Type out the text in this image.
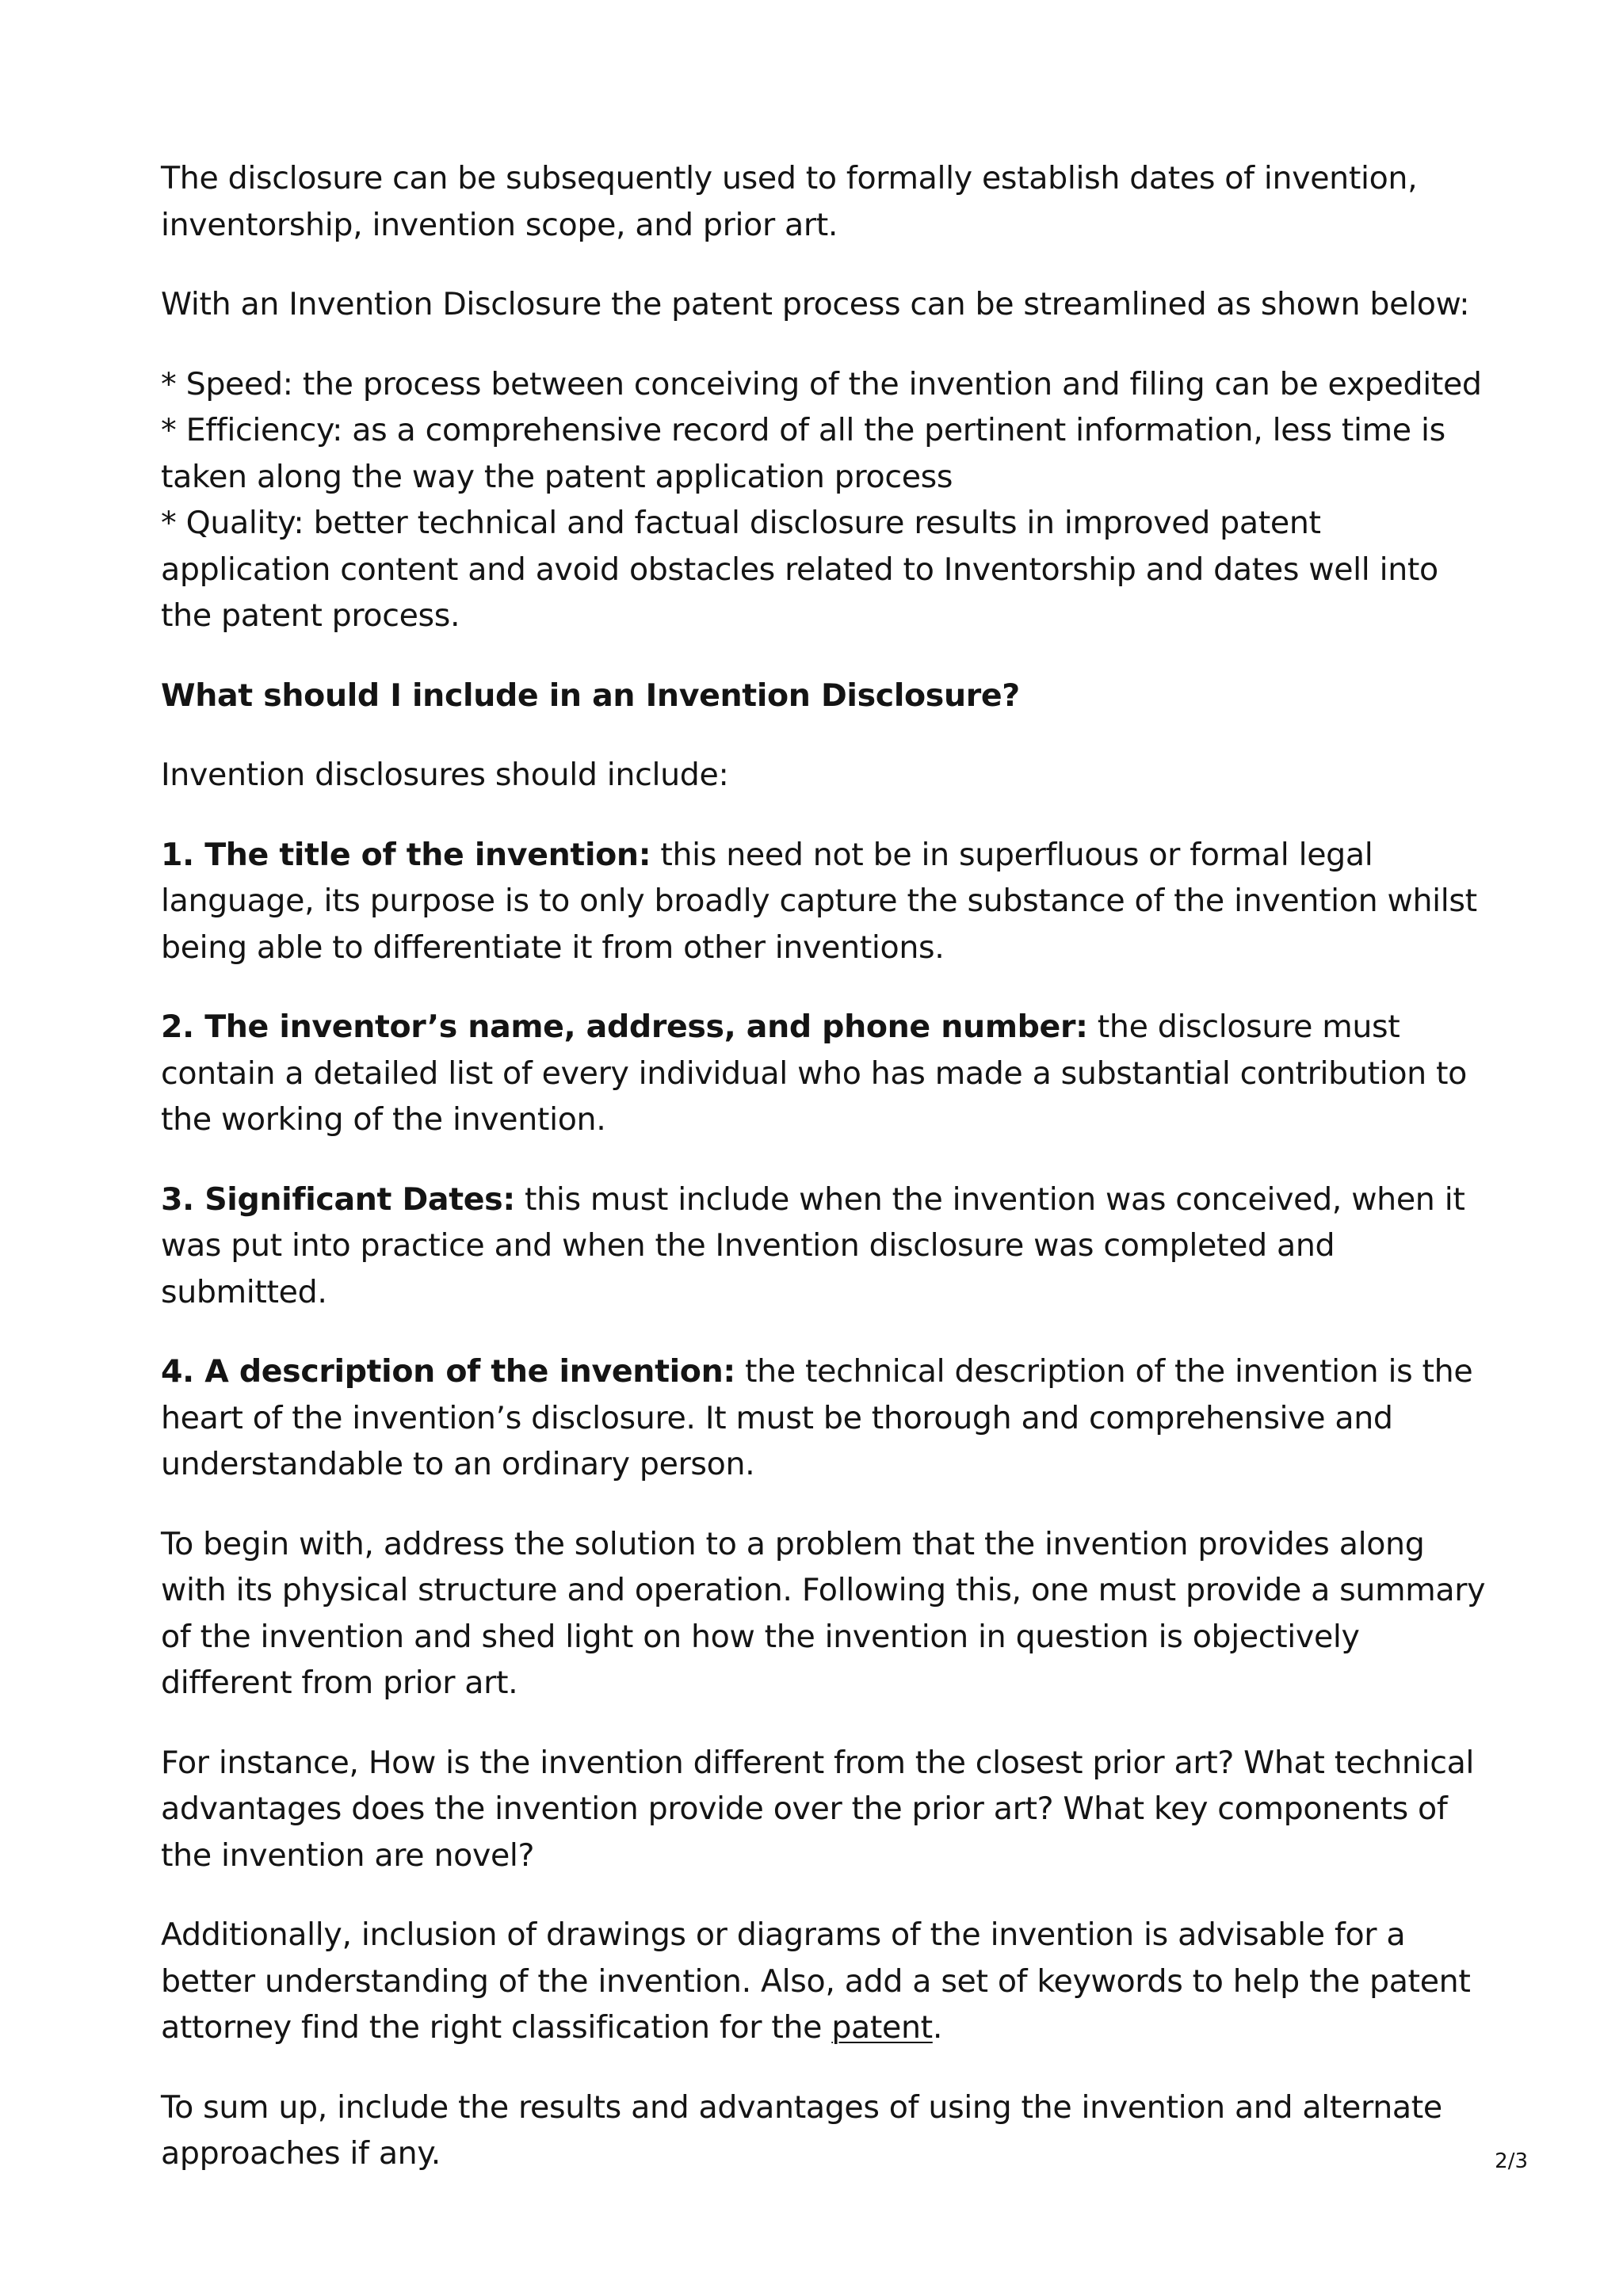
The disclosure can be subsequently used to formally establish dates of invention, inventorship, invention scope, and prior art.

With an Invention Disclosure the patent process can be streamlined as shown below:

* Speed: the process between conceiving of the invention and filing can be expedited
* Efficiency: as a comprehensive record of all the pertinent information, less time is taken along the way the patent application process
* Quality: better technical and factual disclosure results in improved patent application content and avoid obstacles related to Inventorship and dates well into the patent process.

What should I include in an Invention Disclosure?

Invention disclosures should include:

1. The title of the invention: this need not be in superfluous or formal legal language, its purpose is to only broadly capture the substance of the invention whilst being able to differentiate it from other inventions.

2. The inventor’s name, address, and phone number: the disclosure must contain a detailed list of every individual who has made a substantial contribution to the working of the invention.

3. Significant Dates: this must include when the invention was conceived, when it was put into practice and when the Invention disclosure was completed and submitted.

4. A description of the invention: the technical description of the invention is the heart of the invention’s disclosure. It must be thorough and comprehensive and understandable to an ordinary person.

To begin with, address the solution to a problem that the invention provides along with its physical structure and operation. Following this, one must provide a summary of the invention and shed light on how the invention in question is objectively different from prior art.

For instance, How is the invention different from the closest prior art? What technical advantages does the invention provide over the prior art? What key components of the invention are novel?

Additionally, inclusion of drawings or diagrams of the invention is advisable for a better understanding of the invention. Also, add a set of keywords to help the patent attorney find the right classification for the patent.

To sum up, include the results and advantages of using the invention and alternate approaches if any.	2/3
